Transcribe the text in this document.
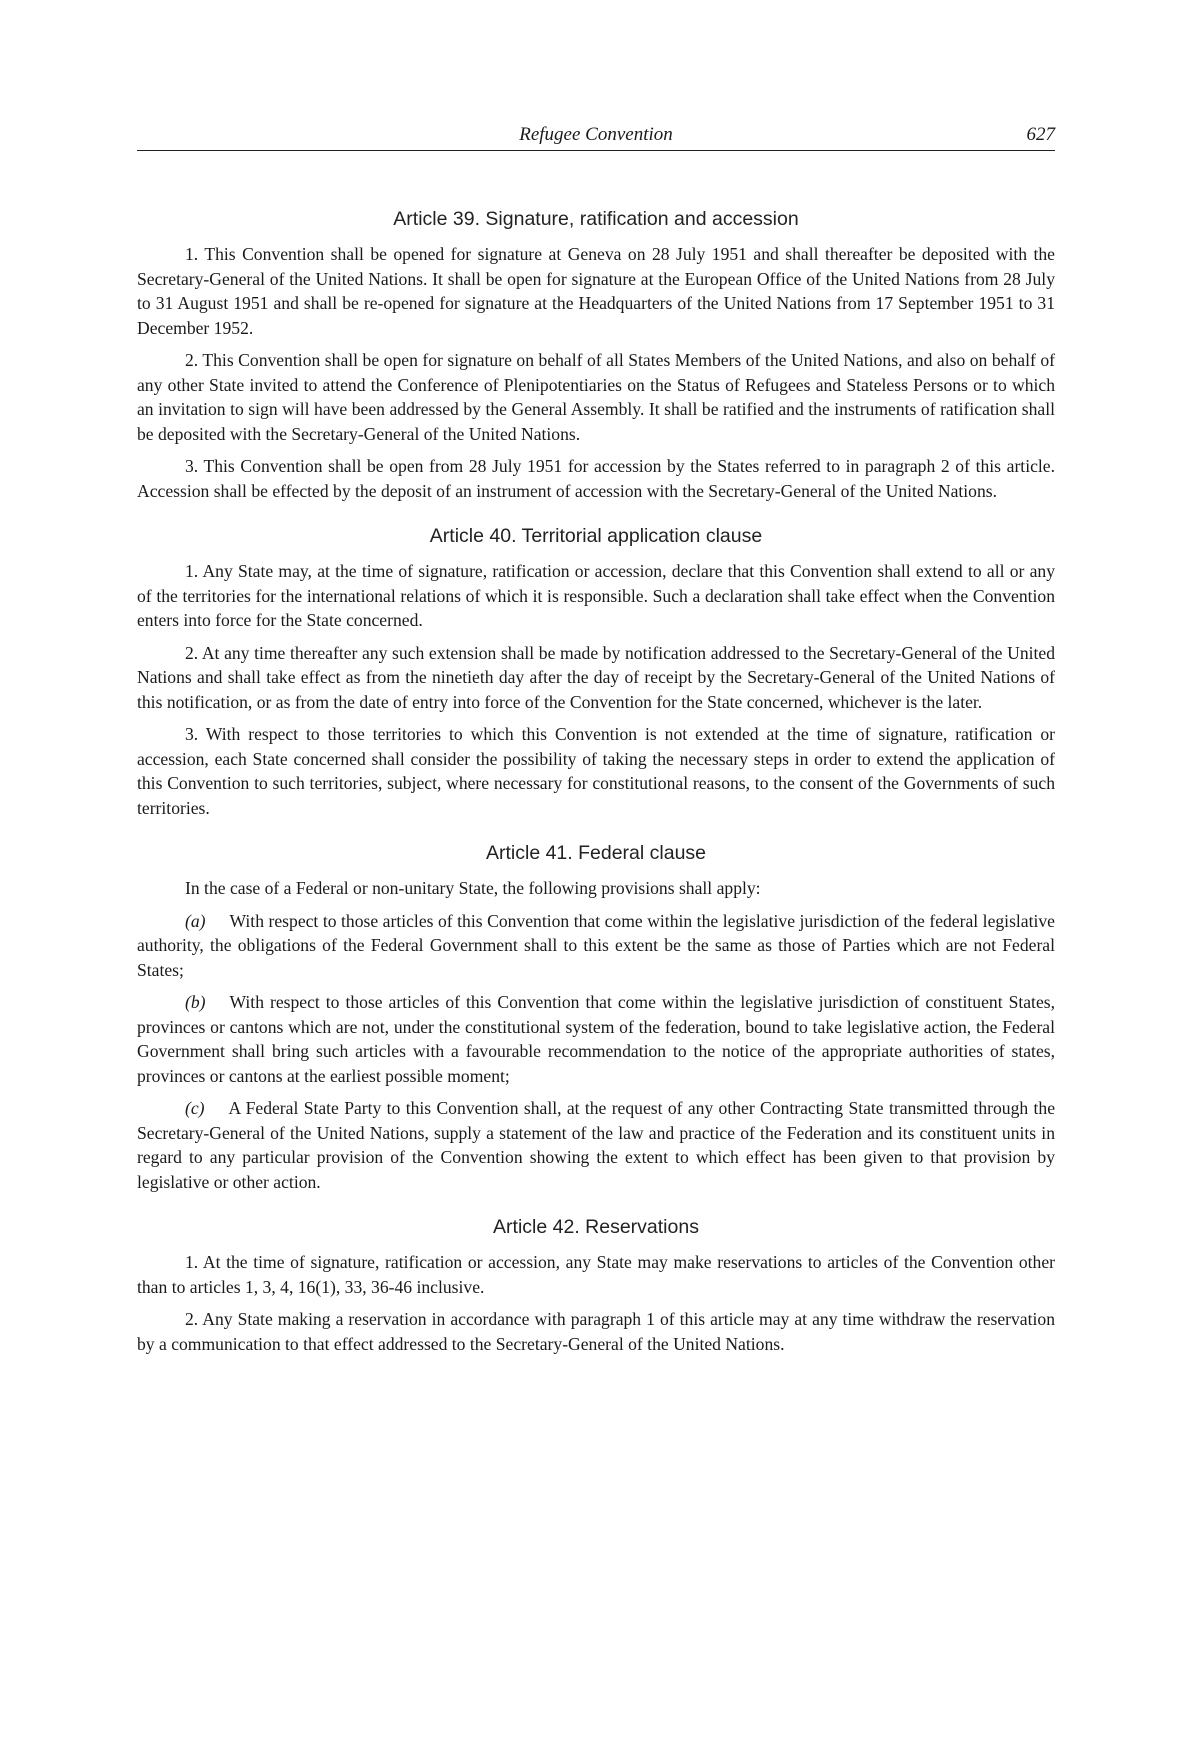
Refugee Convention	627
Article 39. Signature, ratification and accession

1. This Convention shall be opened for signature at Geneva on 28 July 1951 and shall thereafter be deposited with the Secretary-General of the United Nations. It shall be open for signature at the European Office of the United Nations from 28 July to 31 August 1951 and shall be re-opened for signature at the Headquarters of the United Nations from 17 September 1951 to 31 December 1952.

2. This Convention shall be open for signature on behalf of all States Members of the United Nations, and also on behalf of any other State invited to attend the Conference of Plenipotentiaries on the Status of Refugees and Stateless Persons or to which an invitation to sign will have been addressed by the General Assembly. It shall be ratified and the instruments of ratification shall be deposited with the Secretary-General of the United Nations.

3. This Convention shall be open from 28 July 1951 for accession by the States referred to in paragraph 2 of this article. Accession shall be effected by the deposit of an instrument of accession with the Secretary-General of the United Nations.

Article 40. Territorial application clause

1. Any State may, at the time of signature, ratification or accession, declare that this Convention shall extend to all or any of the territories for the international relations of which it is responsible. Such a declaration shall take effect when the Convention enters into force for the State concerned.

2. At any time thereafter any such extension shall be made by notification addressed to the Secretary-General of the United Nations and shall take effect as from the ninetieth day after the day of receipt by the Secretary-General of the United Nations of this notification, or as from the date of entry into force of the Convention for the State concerned, whichever is the later.

3. With respect to those territories to which this Convention is not extended at the time of signature, ratification or accession, each State concerned shall consider the possibility of taking the necessary steps in order to extend the application of this Convention to such territories, subject, where necessary for constitutional reasons, to the consent of the Governments of such territories.

Article 41. Federal clause

In the case of a Federal or non-unitary State, the following provisions shall apply:

(a) With respect to those articles of this Convention that come within the legislative jurisdiction of the federal legislative authority, the obligations of the Federal Government shall to this extent be the same as those of Parties which are not Federal States;

(b) With respect to those articles of this Convention that come within the legislative jurisdiction of constituent States, provinces or cantons which are not, under the constitutional system of the federation, bound to take legislative action, the Federal Government shall bring such articles with a favourable recommendation to the notice of the appropriate authorities of states, provinces or cantons at the earliest possible moment;

(c) A Federal State Party to this Convention shall, at the request of any other Contracting State transmitted through the Secretary-General of the United Nations, supply a statement of the law and practice of the Federation and its constituent units in regard to any particular provision of the Convention showing the extent to which effect has been given to that provision by legislative or other action.

Article 42. Reservations

1. At the time of signature, ratification or accession, any State may make reservations to articles of the Convention other than to articles 1, 3, 4, 16(1), 33, 36-46 inclusive.

2. Any State making a reservation in accordance with paragraph 1 of this article may at any time withdraw the reservation by a communication to that effect addressed to the Secretary-General of the United Nations.
